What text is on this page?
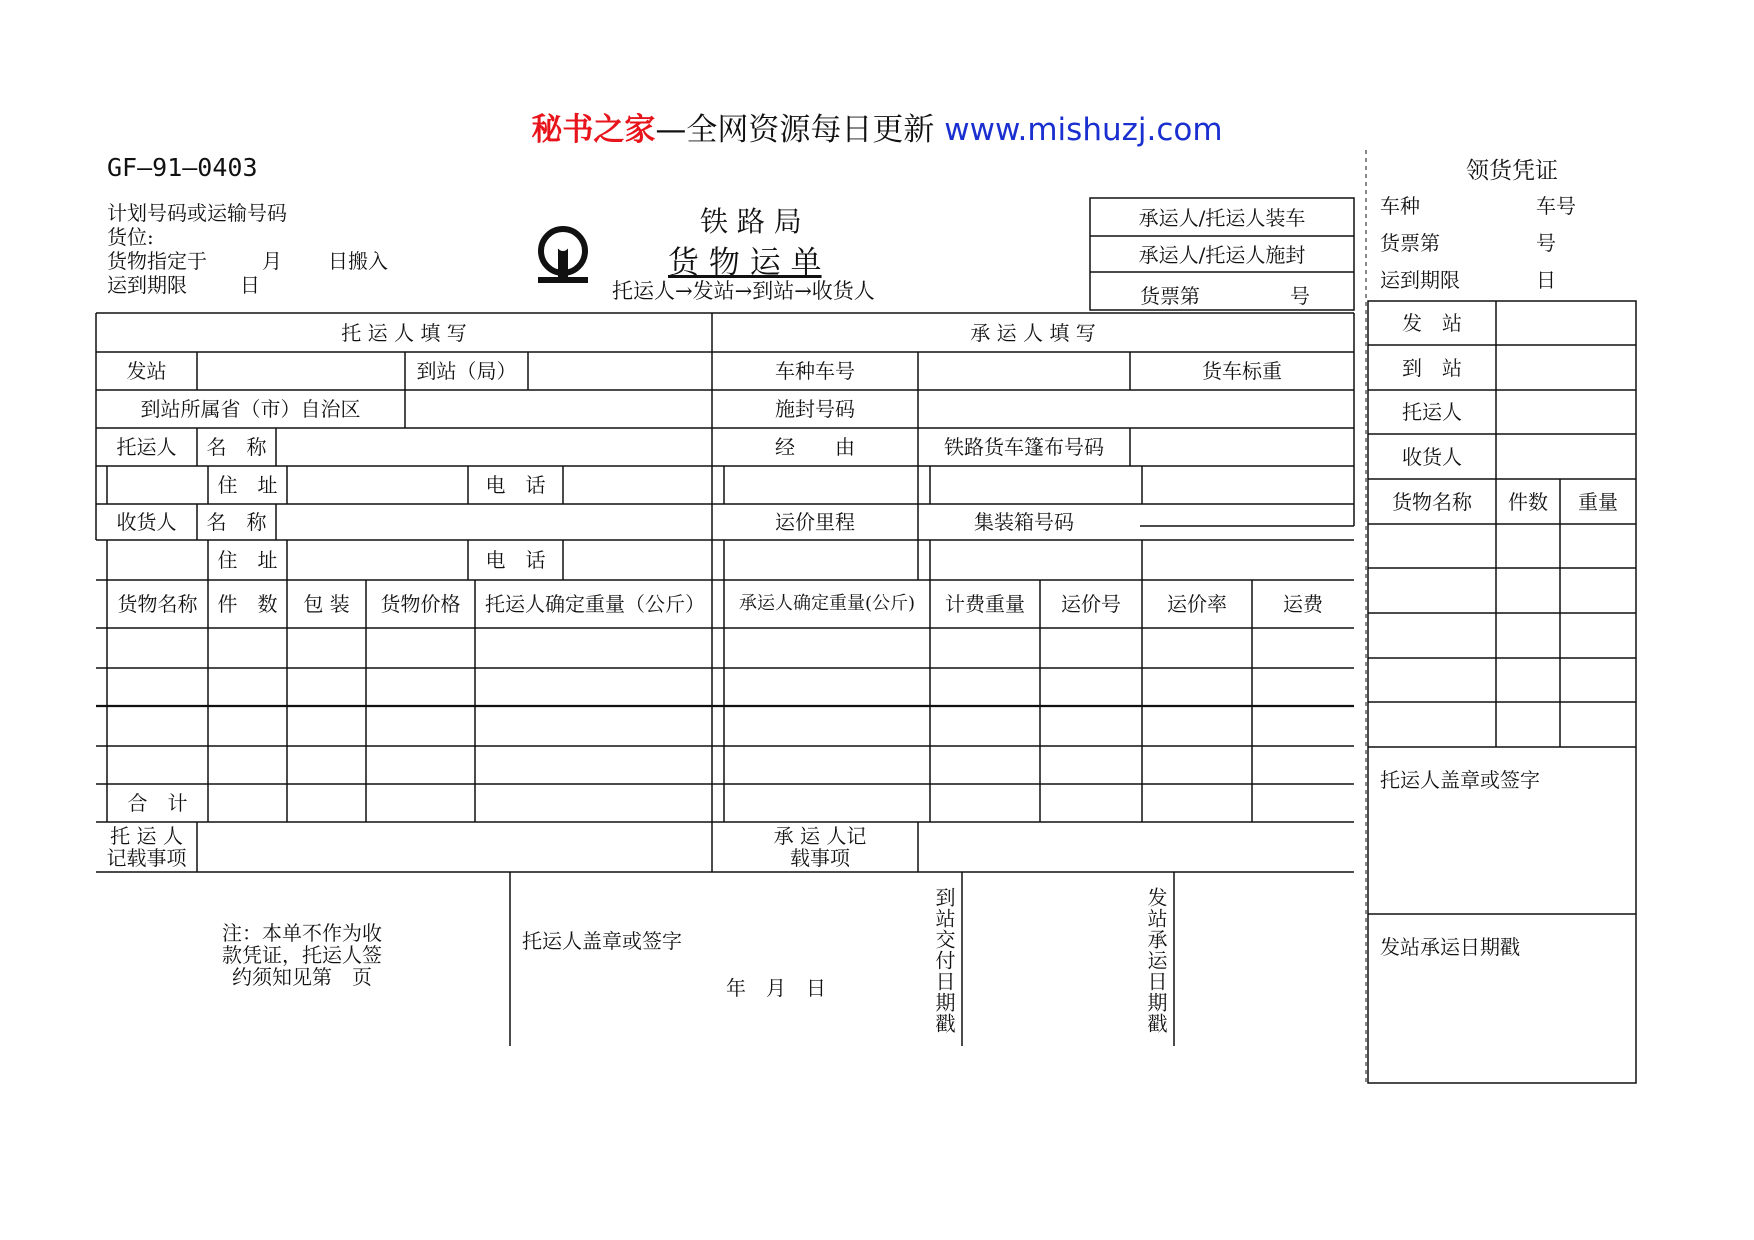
秘书之家—全网资源每日更新 www.mishuzj.com
GF—91—0403
计划号码或运输号码
货位:
货物指定于	月 日搬入
运到期限	日
铁 路 局
货 物 运 单
托运人→发站→到站→收货人
承运人/托运人装车
承运人/托运人施封
货票第	号
托 运 人 填 写	承 运 人 填 写
发站	到站（局）	车种车号	货车标重
到站所属省（市）自治区	施封号码
托运人	名　称	经　　由	铁路货车篷布号码
住　址	电　话
收货人	名　称	运价里程	集装箱号码
住　址	电　话
货物名称	件　数	包 装	货物价格	托运人确定重量（公斤）	承运人确定重量(公斤)	计费重量	运价号	运价率	运费
合　计
托 运 人记载事项
承 运 人记载事项
注：本单不作为收款凭证，托运人签约须知见第　页
托运人盖章或签字
年　月　日	到站交付日期戳	发站承运日期戳
领货凭证
车种	车号
货票第	号
运到期限	日
发　站
到　站
托运人
收货人
货物名称	件数	重量
托运人盖章或签字
发站承运日期戳
